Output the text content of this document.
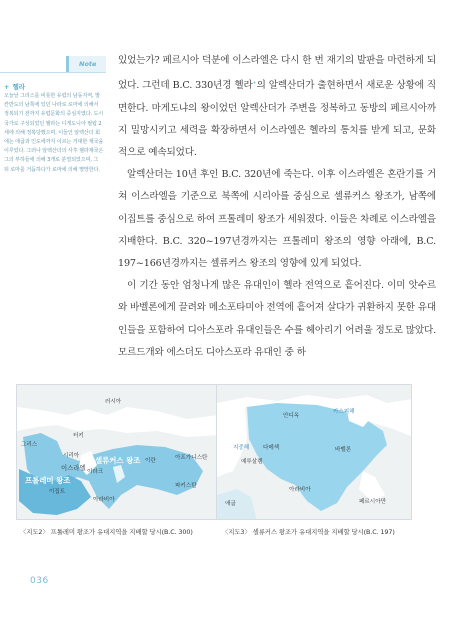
Note
+ 헬라
오늘날 그리스를 비롯한 유럽의 남동지역, 발칸반도의 남쪽에 있던 나라로 로마에 의해서 정복되기 전까지 유럽문화의 중심지였다. 도시국가로 구성되었던 헬라는 디게도니아 필립 2세에 의해 정복당했으며, 이들인 알렉산더 회에는 애굽과 인도에까지 이르는 거대한 제국을 이루었다. 그러나 알렉산더의 사후 헬라제국은 그의 부하들에 의해 3개로 분열되었으며, 그 뒤 로마를 거듭하다가 로마에 의해 멸망한다.

있었는가? 페르시아 덕분에 이스라엘은 다시 한 번 재기의 발판을 마련하게 되었다. 그런데 B.C. 330년경 헬라+의 알렉산더가 출현하면서 새로운 상황에 직면한다. 마게도냐의 왕이었던 알렉산더가 주변을 정복하고 동방의 페르시아까지 밀망시키고 세력을 확장하면서 이스라엘은 헬라의 통치를 받게 되고, 문화적으로 예속되었다.

알렉산더는 10년 후인 B.C. 320년에 죽는다. 이후 이스라엘은 혼란기를 거쳐 이스라엘을 기준으로 북쪽에 시리아를 중심으로 셀류커스 왕조가, 남쪽에 이집트를 중심으로 하여 프톨레미 왕조가 세워졌다. 이들은 차례로 이스라엘을 지배한다. B.C. 320~197년경까지는 프톨레미 왕조의 영향 아래에, B.C. 197~166년경까지는 셀류커스 왕조의 영향에 있게 되었다.

이 기간 동안 엄청나게 많은 유대인이 헬라 전역으로 흩어진다. 이미 앗수르와 바벨론에게 끌려와 메소포타미아 전역에 흩어져 살다가 귀환하지 못한 유대인들을 포함하여 디아스포라 유대인들은 수를 헤아리기 어려울 정도로 많았다. 모르드개와 에스더도 디아스포라 유대인 중 하

러시아
그리스
터키
시리아 셀류커스 왕조
이스라엘 이라크
이란	아프가니스탄
프톨레미 왕조
파키스탄
이집트
아라비아
안디옥
카스피해
지중해 다메섹	바벨론
예루살렘
아라비아
애굽	페르시아만
〈지도2〉 프톨레미 왕조가 유대지역을 지배할 당시(B.C. 300)	〈지도3〉 셀류커스 왕조가 유대지역을 지배할 당시(B.C. 197)
036
